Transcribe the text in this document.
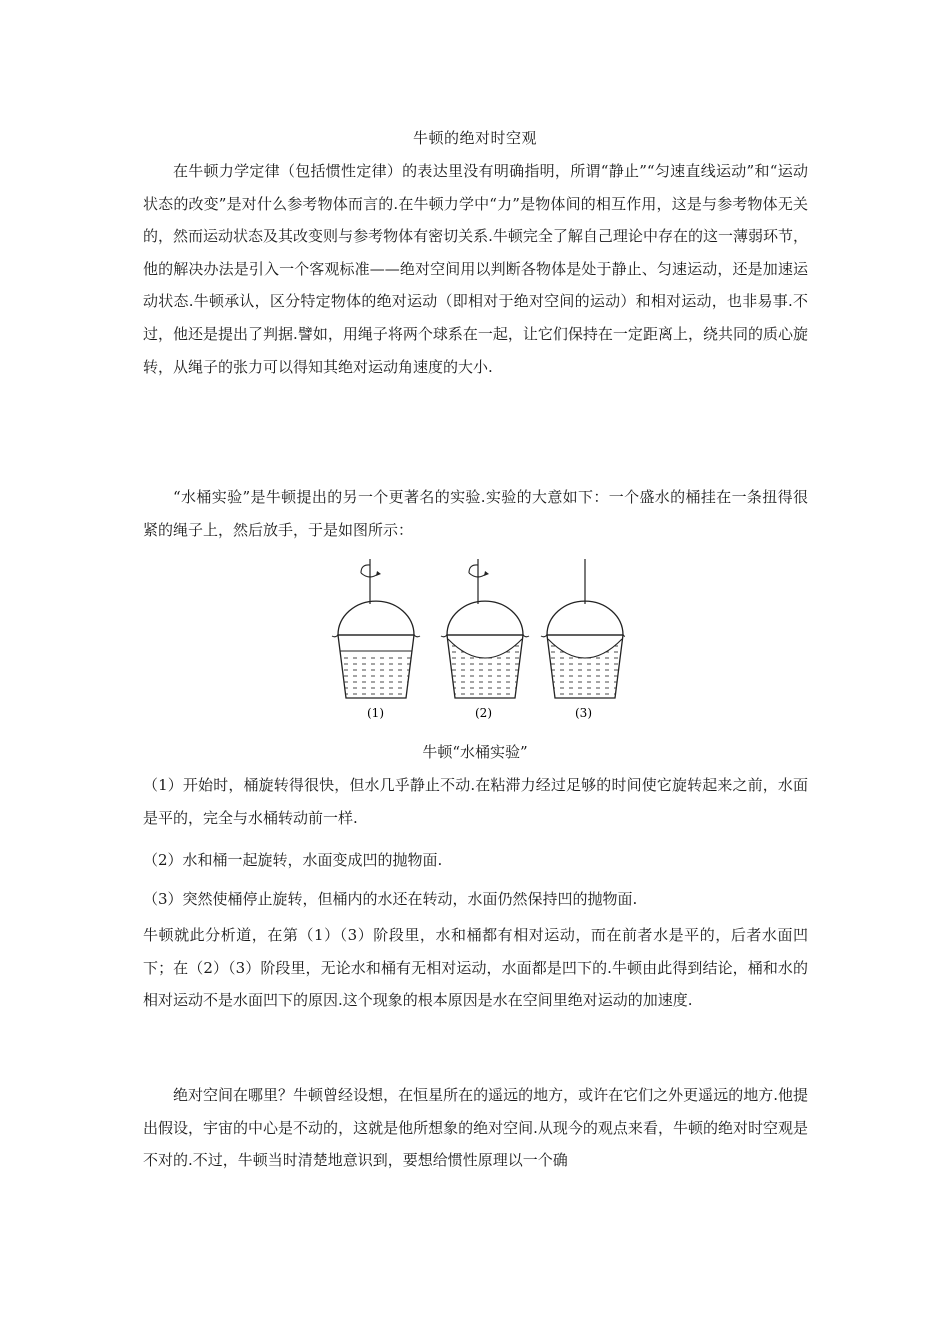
牛顿的绝对时空观
在牛顿力学定律（包括惯性定律）的表达里没有明确指明，所谓“静止”“匀速直线运动”和“运动状态的改变”是对什么参考物体而言的.在牛顿力学中“力”是物体间的相互作用，这是与参考物体无关的，然而运动状态及其改变则与参考物体有密切关系.牛顿完全了解自己理论中存在的这一薄弱环节，他的解决办法是引入一个客观标准——绝对空间用以判断各物体是处于静止、匀速运动，还是加速运动状态.牛顿承认，区分特定物体的绝对运动（即相对于绝对空间的运动）和相对运动，也非易事.不过，他还是提出了判据.譬如，用绳子将两个球系在一起，让它们保持在一定距离上，绕共同的质心旋转，从绳子的张力可以得知其绝对运动角速度的大小.
“水桶实验”是牛顿提出的另一个更著名的实验.实验的大意如下：一个盛水的桶挂在一条扭得很紧的绳子上，然后放手，于是如图所示：
(1)	(2)	(3)
牛顿“水桶实验”
（1）开始时，桶旋转得很快，但水几乎静止不动.在粘滞力经过足够的时间使它旋转起来之前，水面是平的，完全与水桶转动前一样.
（2）水和桶一起旋转，水面变成凹的抛物面.
（3）突然使桶停止旋转，但桶内的水还在转动，水面仍然保持凹的抛物面.
牛顿就此分析道，在第（1）（3）阶段里，水和桶都有相对运动，而在前者水是平的，后者水面凹下；在（2）（3）阶段里，无论水和桶有无相对运动，水面都是凹下的.牛顿由此得到结论，桶和水的相对运动不是水面凹下的原因.这个现象的根本原因是水在空间里绝对运动的加速度.
绝对空间在哪里？牛顿曾经设想，在恒星所在的遥远的地方，或许在它们之外更遥远的地方.他提出假设，宇宙的中心是不动的，这就是他所想象的绝对空间.从现今的观点来看，牛顿的绝对时空观是不对的.不过，牛顿当时清楚地意识到，要想给惯性原理以一个确
